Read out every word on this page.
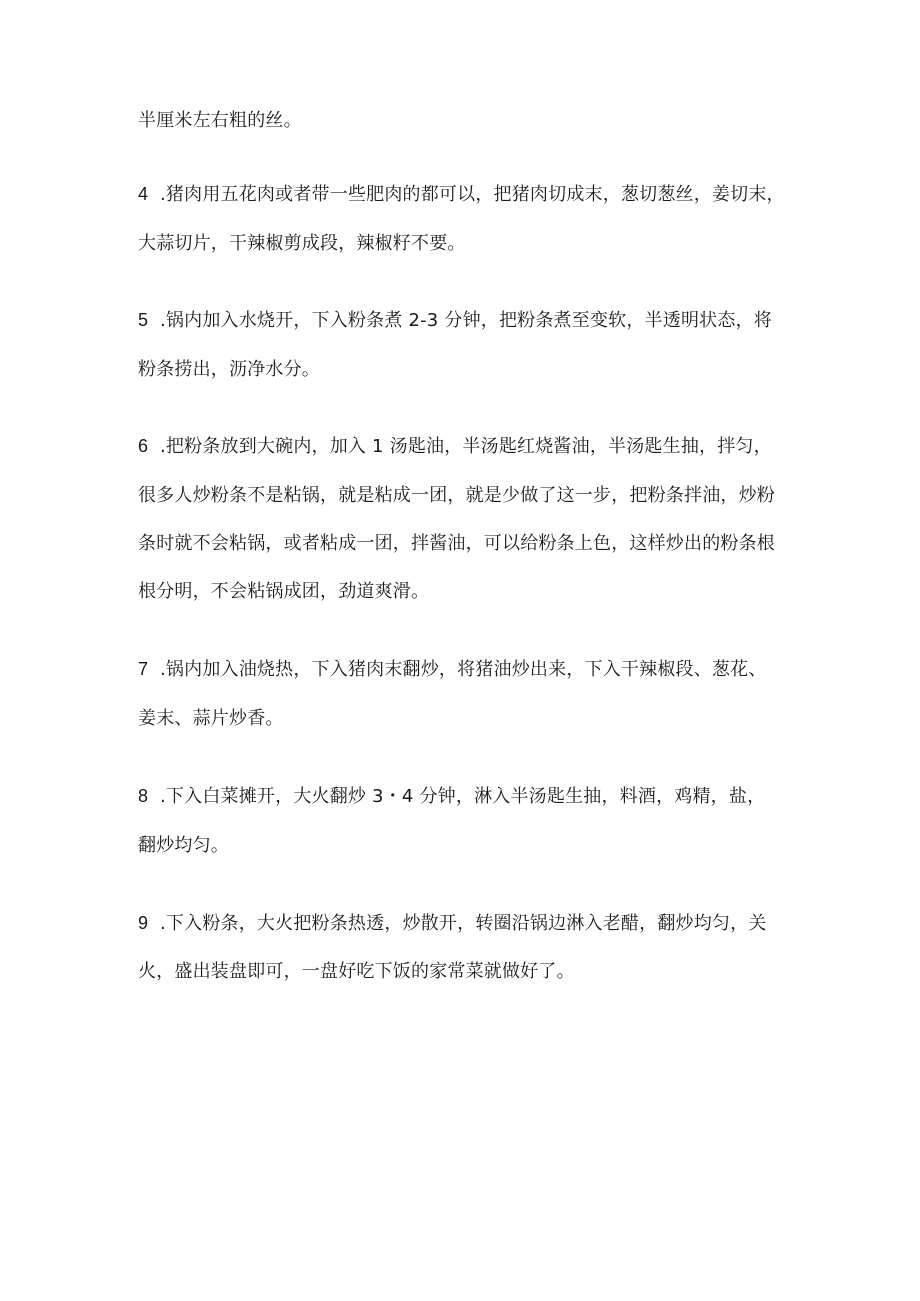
半厘米左右粗的丝。
4 .猪肉用五花肉或者带一些肥肉的都可以，把猪肉切成末，葱切葱丝，姜切末，
大蒜切片，干辣椒剪成段，辣椒籽不要。
5 .锅内加入水烧开，下入粉条煮 2-3 分钟，把粉条煮至变软，半透明状态，将
粉条捞出，沥净水分。
6 .把粉条放到大碗内，加入 1 汤匙油，半汤匙红烧酱油，半汤匙生抽，拌匀，
很多人炒粉条不是粘锅，就是粘成一团，就是少做了这一步，把粉条拌油，炒粉
条时就不会粘锅，或者粘成一团，拌酱油，可以给粉条上色，这样炒出的粉条根
根分明，不会粘锅成团，劲道爽滑。
7 .锅内加入油烧热，下入猪肉末翻炒，将猪油炒出来，下入干辣椒段、葱花、
姜末、蒜片炒香。
8 .下入白菜摊开，大火翻炒 3・4 分钟，淋入半汤匙生抽，料酒，鸡精，盐，
翻炒均匀。
9 .下入粉条，大火把粉条热透，炒散开，转圈沿锅边淋入老醋，翻炒均匀，关
火，盛出装盘即可，一盘好吃下饭的家常菜就做好了。
